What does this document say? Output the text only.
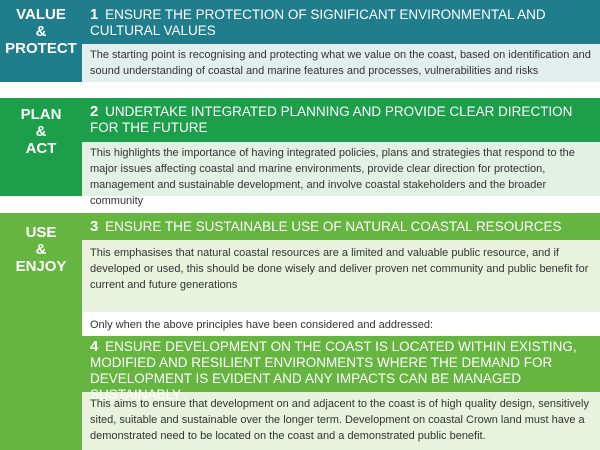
VALUE
&
PROTECT
1 ENSURE THE PROTECTION OF SIGNIFICANT ENVIRONMENTAL AND CULTURAL VALUES
The starting point is recognising and protecting what we value on the coast, based on identification and sound understanding of coastal and marine features and processes, vulnerabilities and risks
PLAN
&
ACT
2 UNDERTAKE INTEGRATED PLANNING AND PROVIDE CLEAR DIRECTION FOR THE FUTURE
This highlights the importance of having integrated policies, plans and strategies that respond to the major issues affecting coastal and marine environments, provide clear direction for protection, management and sustainable development, and involve coastal stakeholders and the broader community
USE
&
ENJOY
3 ENSURE THE SUSTAINABLE USE OF NATURAL COASTAL RESOURCES
This emphasises that natural coastal resources are a limited and valuable public resource, and if developed or used, this should be done wisely and deliver proven net community and public benefit for current and future generations
Only when the above principles have been considered and addressed:
4 ENSURE DEVELOPMENT ON THE COAST IS LOCATED WITHIN EXISTING, MODIFIED AND RESILIENT ENVIRONMENTS WHERE THE DEMAND FOR DEVELOPMENT IS EVIDENT AND ANY IMPACTS CAN BE MANAGED SUSTAINABLY
This aims to ensure that development on and adjacent to the coast is of high quality design, sensitively sited, suitable and sustainable over the longer term. Development on coastal Crown land must have a demonstrated need to be located on the coast and a demonstrated public benefit.
